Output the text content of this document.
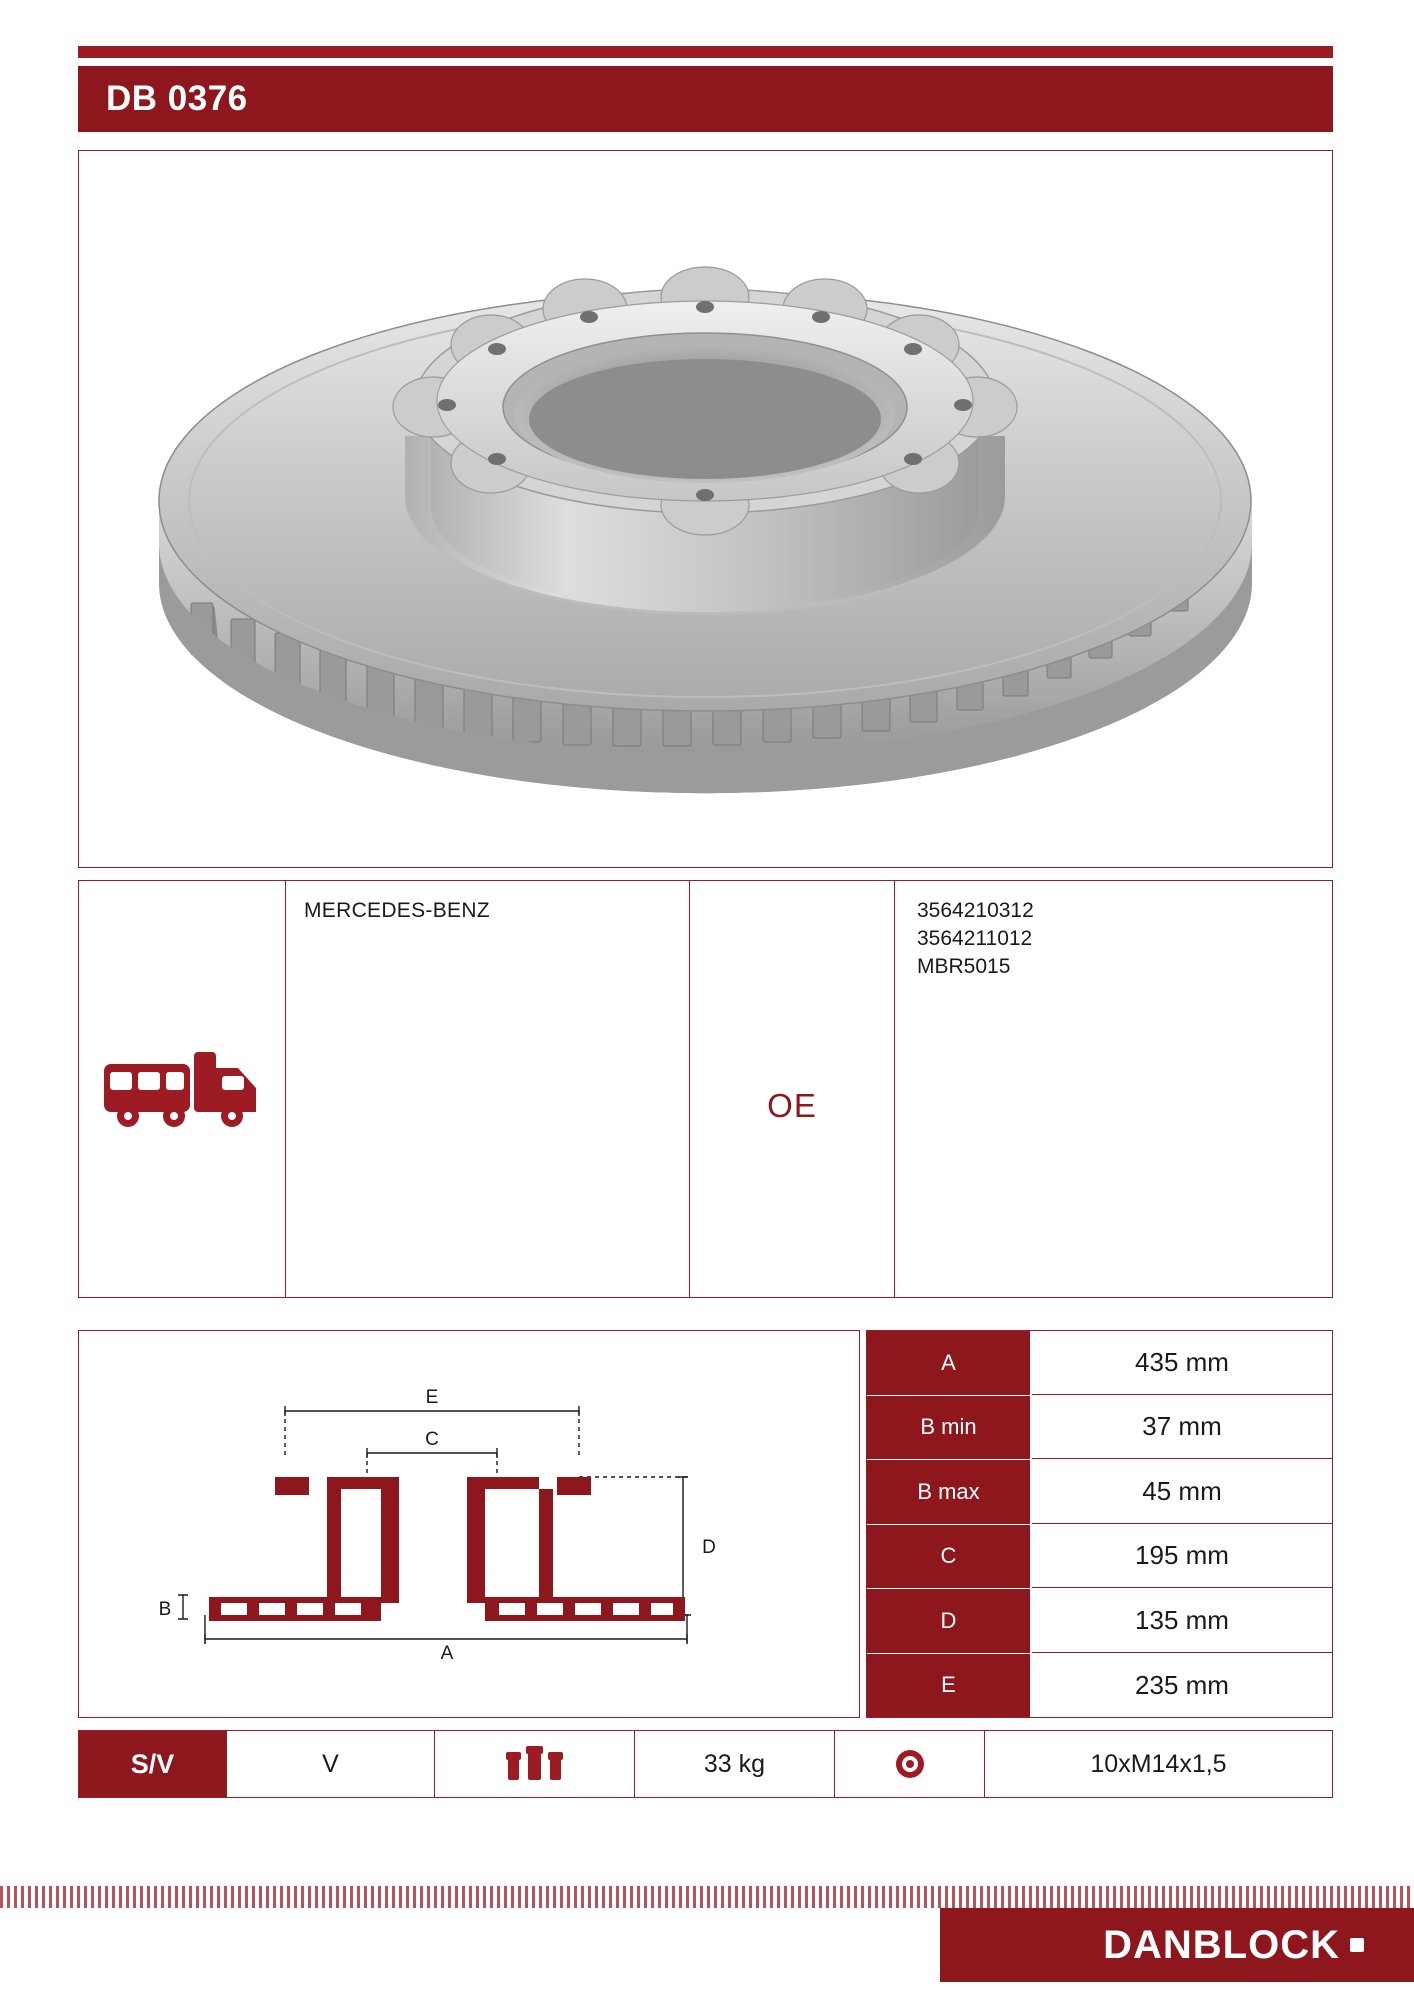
DB 0376
MERCEDES-BENZ
OE
3564210312
3564211012
MBR5015
E
C
A
D
B
A	435 mm
B min	37 mm
B max	45 mm
C	195 mm
D	135 mm
E	235 mm
S/V	V	33 kg	10xM14x1,5
DANBLOCK
